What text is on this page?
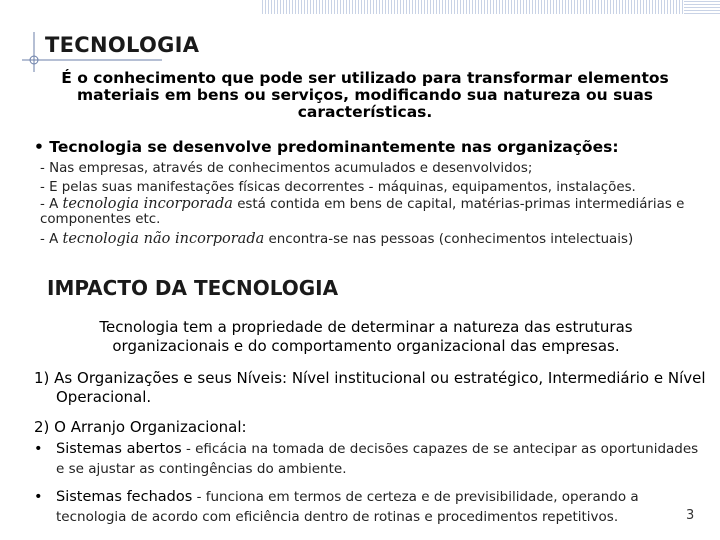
TECNOLOGIA

É o conhecimento que pode ser utilizado para transformar elementos materiais em bens ou serviços, modificando sua natureza ou suas características.

• Tecnologia se desenvolve predominantemente nas organizações:

- Nas empresas, através de conhecimentos acumulados e desenvolvidos;
- E pelas suas manifestações físicas decorrentes - máquinas, equipamentos, instalações.
- A tecnologia incorporada está contida em bens de capital, matérias-primas intermediárias e componentes etc.
- A tecnologia não incorporada encontra-se nas pessoas (conhecimentos intelectuais)
IMPACTO DA TECNOLOGIA

Tecnologia tem a propriedade de determinar a natureza das estruturas organizacionais e do comportamento organizacional das empresas.

1) As Organizações e seus Níveis: Nível institucional ou estratégico, Intermediário e Nível Operacional.

2) O Arranjo Organizacional:

• Sistemas abertos - eficácia na tomada de decisões capazes de se antecipar as oportunidades e se ajustar as contingências do ambiente.

• Sistemas fechados - funciona em termos de certeza e de previsibilidade, operando a tecnologia de acordo com eficiência dentro de rotinas e procedimentos repetitivos.	3
